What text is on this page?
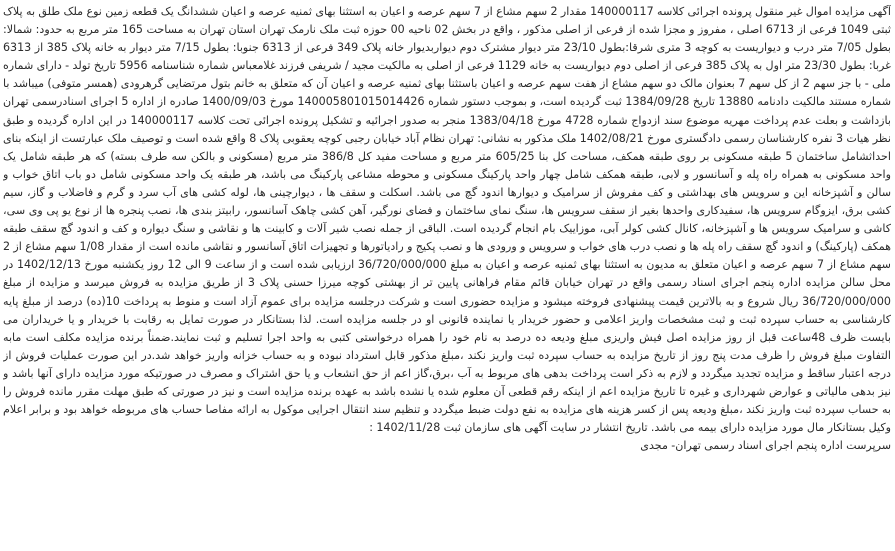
آگهی مزایده اموال غیر منقول پرونده اجرائی کلاسه 140000117 مقدار 2 سهم مشاع از 7 سهم عرصه و اعیان به استثنا بهای ثمنیه عرصه و اعیان ششدانگ یک قطعه زمین نوع ملک طلق به پلاک ثبتی 1049 فرعی از 6713 اصلی ، مفروز و مجزا شده از فرعی از اصلی مذکور ، واقع در بخش 02 ناحیه 00 حوزه ثبت ملک نارمک تهران استان تهران به مساحت 165 متر مربع به حدود: شمالا: بطول 7/05 متر درب و دیواریست به کوچه 3 متری شرقا:بطول 23/10 متر دیوار مشترک دوم دیواربدیوار خانه پلاک 349 فرعی از 6313 جنوبا: بطول 7/15 متر دیوار به خانه پلاک 385 از 6313 غربا: بطول 23/30 متر اول به پلاک 385 فرعی از اصلی دوم دیواریست به خانه 1129 فرعی از اصلی به مالکیت مجید / شریفی فرزند غلامعباس شماره شناسنامه 5956 تاریخ تولد - دارای شماره ملی - با جز سهم 2 از کل سهم 7 بعنوان مالک دو سهم مشاع از هفت سهم عرصه و اعیان باستثنا بهای ثمنیه عرصه و اعیان آن که متعلق به خانم بتول مرتضایی گرهرودی (همسر متوفی) میباشد با شماره مستند مالکیت دادنامه 13880 تاریخ 1384/09/28 ثبت گردیده است، و بموجب دستور شماره 140005801015014426 مورخ 1400/09/03 صادره از اداره 5 اجرای اسنادرسمی تهران بازداشت و بعلت عدم پرداخت مهریه موضوع سند ازدواج شماره 4728 مورخ 1383/04/18 منجر به صدور اجرائیه و تشکیل پرونده اجرائی تحت کلاسه 140000117 در این اداره گردیده و طبق نظر هیات 3 نفره کارشناسان رسمی دادگستری مورخ 1402/08/21 ملک مذکور به نشانی: تهران نظام آباد خیابان رجبی کوچه یعقوبی پلاک 8 واقع شده است و توصیف ملک عبارتست از اینکه بنای احداثشامل ساختمان 5 طبقه مسکونی بر روی طبقه همکف، مساحت کل بنا 605/25 متر مربع و مساحت مفید کل 386/8 متر مربع (مسکونی و بالکن سه طرف بسته) که هر طبقه شامل یک واحد مسکونی به همراه راه پله و آسانسور و لابی، طبقه همکف شامل چهار واحد پارکینگ مسکونی و محوطه مشاعی پارکینگ می باشد، هر طبقه یک واحد مسکونی شامل دو باب اتاق خواب و سالن و آشپزخانه این و سرویس های بهداشتی و کف مفروش از سرامیک و دیوارها اندود گچ می باشد. اسکلت و سقف ها ، دیوارچینی ها، لوله کشی های آب سرد و گرم و فاضلاب و گاز، سیم کشی برق، ایزوگام سرویس ها، سفیدکاری واحدها بغیر از سقف سرویس ها، سنگ نمای ساختمان و فضای نورگیر، آهن کشی چاهک آسانسور، رابیتز بندی ها، نصب پنجره ها از نوع یو پی وی سی، کاشی و سرامیک سرویس ها و آشپزخانه، کانال کشی کولر آبی، موزاییک بام انجام گردیده است. الباقی از جمله نصب شیر آلات و کابینت ها و نقاشی و سنگ دیواره و کف و اندود گچ سقف طبقه همکف (پارکینگ) و اندود گچ سقف راه پله ها و نصب درب های خواب و سرویس و ورودی ها و نصب پکیج و رادیاتورها و تجهیزات اتاق آسانسور و نقاشی مانده است از مقدار 1/08 سهم مشاع از 2 سهم مشاع از 7 سهم عرصه و اعیان متعلق به مدیون به استثنا بهای ثمنیه عرصه و اعیان به مبلغ 36/720/000/000 ارزیابی شده است و از ساعت 9 الی 12 روز یکشنبه مورخ 1402/12/13 در محل سالن مزایده اداره پنجم اجرای اسناد رسمی واقع در تهران خیابان قائم مقام فراهانی پایین تر از بهشتی کوچه میرزا حسنی پلاک 3 از طریق مزایده به فروش میرسد و مزایده از مبلغ 36/720/000/000 ریال شروع و به بالاترین قیمت پیشنهادی فروخته میشود و مزایده حضوری است و شرکت درجلسه مزایده برای عموم آزاد است و منوط به پرداخت 10(ده) درصد از مبلغ پایه کارشناسی به حساب سپرده ثبت و ثبت مشخصات واریز اعلامی و حضور خریدار یا نماینده قانونی او در جلسه مزایده است. لذا بستانکار در صورت تمایل به رقابت با خریدار و یا خریداران می بایست ظرف 48ساعت قبل از روز مزایده اصل فیش واریزی مبلغ ودیعه ده درصد به نام خود را همراه درخواستی کتبی به واحد اجرا تسلیم و ثبت نمایند.ضمناً برنده مزایده مکلف است مابه التفاوت مبلغ فروش را ظرف مدت پنج روز از تاریخ مزایده به حساب سپرده ثبت واریز نکند ،مبلغ مذکور قابل استرداد نبوده و به حساب خزانه واریز خواهد شد.در این صورت عملیات فروش از درجه اعتبار ساقط و مزایده تجدید میگردد و لازم به ذکر است پرداخت بدهی های مربوط به آب ،برق،گاز اعم از حق انشعاب و یا حق اشتراک و مصرف در صورتیکه مورد مزایده دارای آنها باشد و نیز بدهی مالیاتی و عوارض شهرداری و غیره تا تاریخ مزایده اعم از اینکه رقم قطعی آن معلوم شده یا نشده باشد به عهده برنده مزایده است و نیز در صورتی که طبق مهلت مقرر مانده فروش را به حساب سپرده ثبت واریز نکند ،مبلغ ودیعه پس از کسر هزینه های مزایده به نفع دولت ضبط میگردد و تنظیم سند انتقال اجرایی موکول به ارائه مفاصا حساب های مربوطه خواهد بود و برابر اعلام وکیل بستانکار مال مورد مزایده دارای بیمه می باشد. تاریخ انتشار در سایت آگهی های سازمان ثبت 1402/11/28 :

سرپرست اداره پنجم اجرای اسناد رسمی تهران- مجدی
